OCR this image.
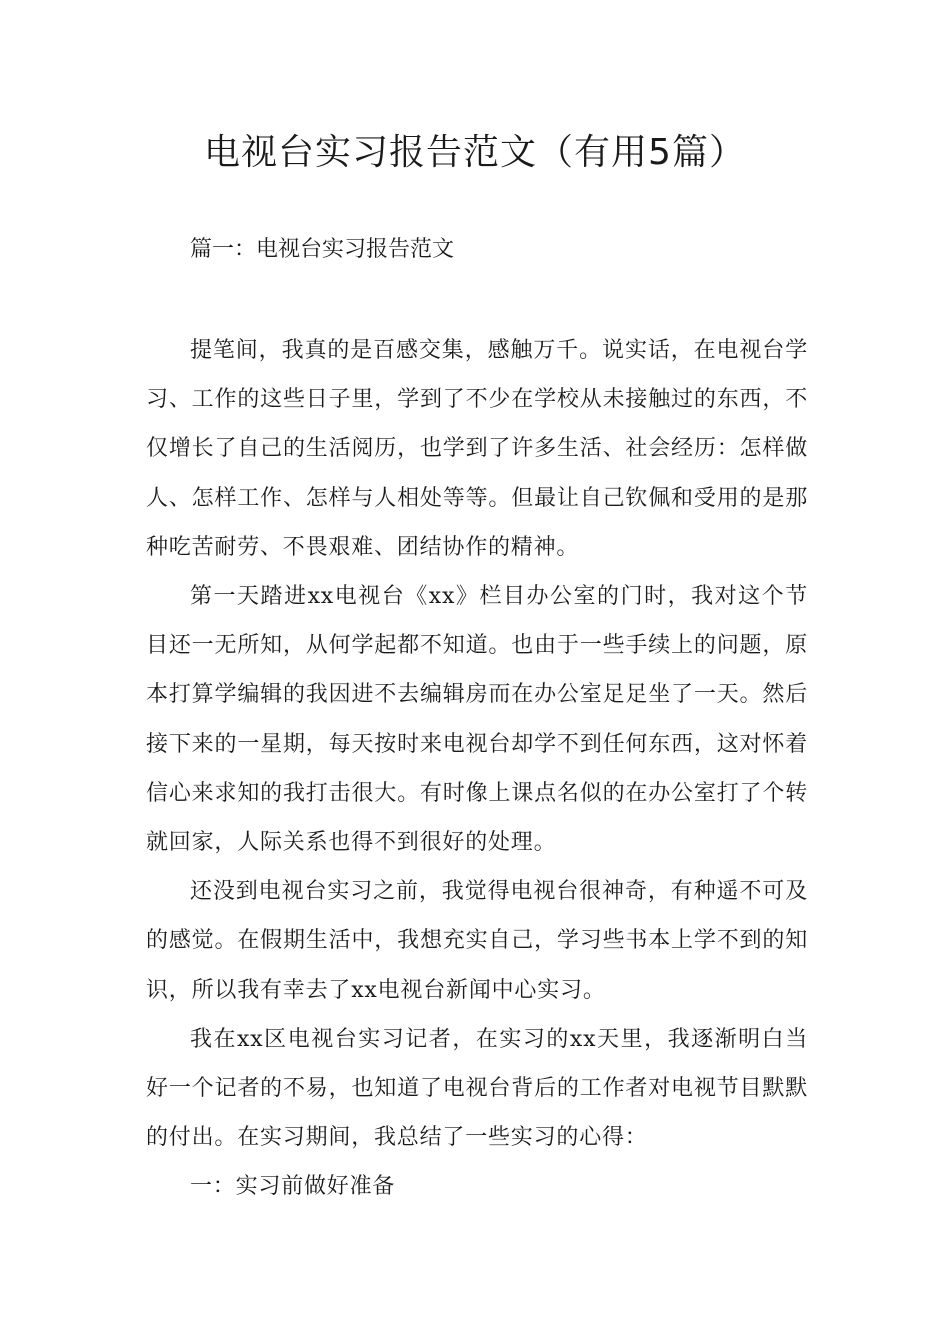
电视台实习报告范文（有用5篇）
篇一：电视台实习报告范文

提笔间，我真的是百感交集，感触万千。说实话，在电视台学习、工作的这些日子里，学到了不少在学校从未接触过的东西，不仅增长了自己的生活阅历，也学到了许多生活、社会经历：怎样做人、怎样工作、怎样与人相处等等。但最让自己钦佩和受用的是那种吃苦耐劳、不畏艰难、团结协作的精神。

第一天踏进xx电视台《xx》栏目办公室的门时，我对这个节目还一无所知，从何学起都不知道。也由于一些手续上的问题，原本打算学编辑的我因进不去编辑房而在办公室足足坐了一天。然后接下来的一星期，每天按时来电视台却学不到任何东西，这对怀着信心来求知的我打击很大。有时像上课点名似的在办公室打了个转就回家，人际关系也得不到很好的处理。

还没到电视台实习之前，我觉得电视台很神奇，有种遥不可及的感觉。在假期生活中，我想充实自己，学习些书本上学不到的知识，所以我有幸去了xx电视台新闻中心实习。

我在xx区电视台实习记者，在实习的xx天里，我逐渐明白当好一个记者的不易，也知道了电视台背后的工作者对电视节目默默的付出。在实习期间，我总结了一些实习的心得：

一：实习前做好准备
